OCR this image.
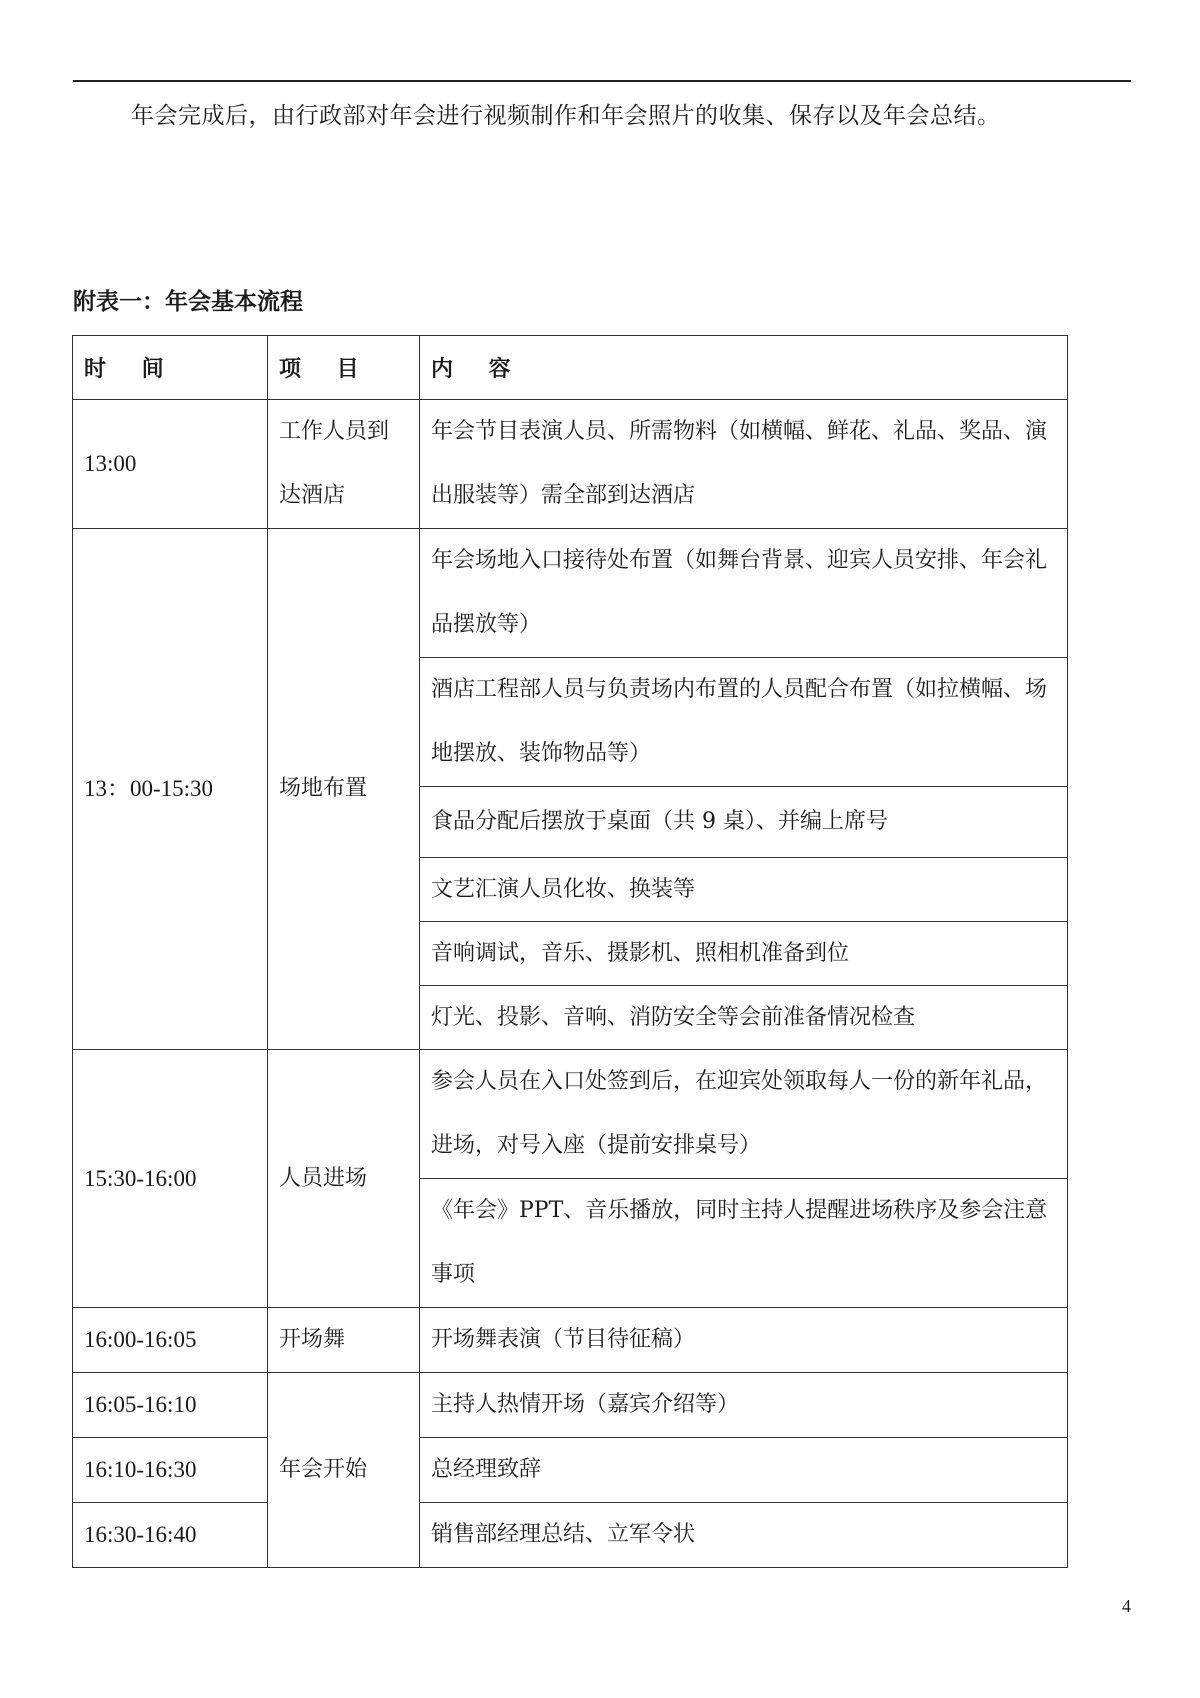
年会完成后，由行政部对年会进行视频制作和年会照片的收集、保存以及年会总结。

附表一：年会基本流程

时 间	项 目	内 容
13:00	工作人员到达酒店	年会节目表演人员、所需物料（如横幅、鲜花、礼品、奖品、演出服装等）需全部到达酒店
13：00-15:30	场地布置	年会场地入口接待处布置（如舞台背景、迎宾人员安排、年会礼品摆放等）
		酒店工程部人员与负责场内布置的人员配合布置（如拉横幅、场地摆放、装饰物品等）
		食品分配后摆放于桌面（共 9 桌）、并编上席号
		文艺汇演人员化妆、换装等
		音响调试，音乐、摄影机、照相机准备到位
		灯光、投影、音响、消防安全等会前准备情况检查
15:30-16:00	人员进场	参会人员在入口处签到后，在迎宾处领取每人一份的新年礼品，进场，对号入座（提前安排桌号）
		《年会》PPT、音乐播放，同时主持人提醒进场秩序及参会注意事项
16:00-16:05	开场舞	开场舞表演（节目待征稿）
16:05-16:10	年会开始	主持人热情开场（嘉宾介绍等）
16:10-16:30		总经理致辞
16:30-16:40		销售部经理总结、立军令状
4
